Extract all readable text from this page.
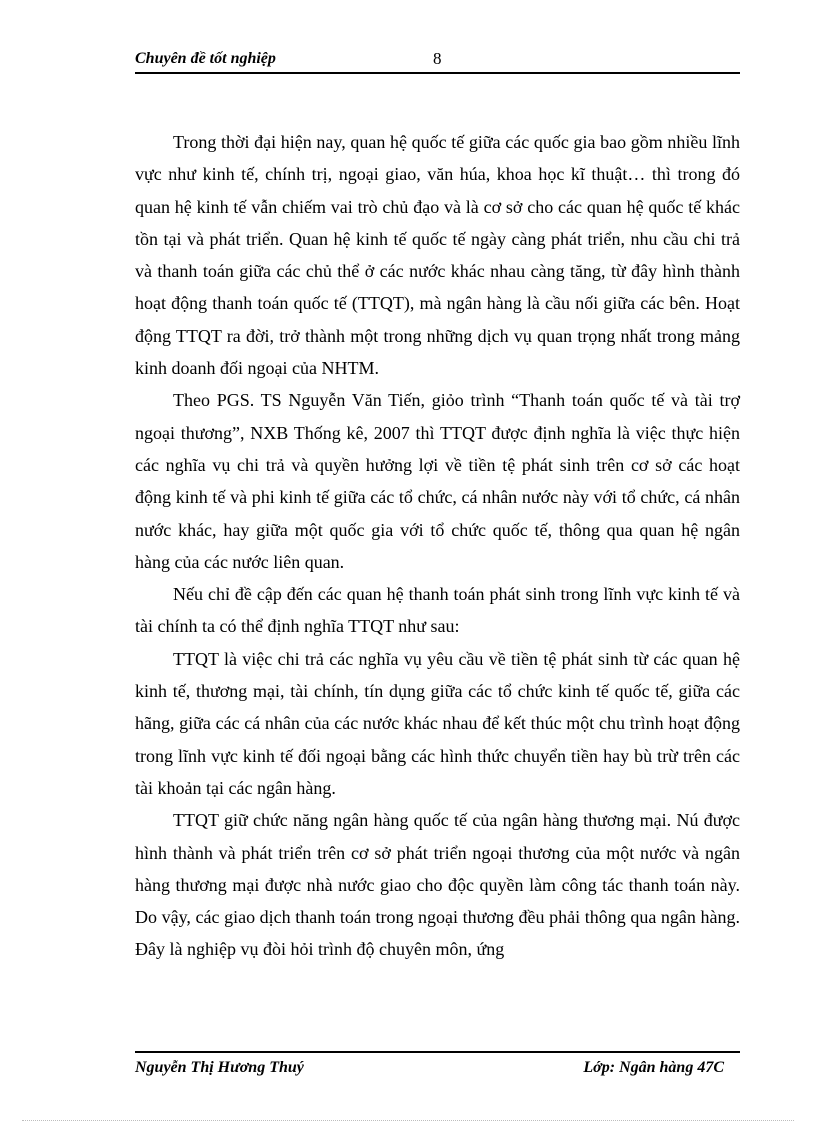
Chuyên đề tốt nghiệp	8

Trong thời đại hiện nay, quan hệ quốc tế giữa các quốc gia bao gồm nhiều lĩnh vực như kinh tế, chính trị, ngoại giao, văn húa, khoa học kĩ thuật… thì trong đó quan hệ kinh tế vẫn chiếm vai trò chủ đạo và là cơ sở cho các quan hệ quốc tế khác tồn tại và phát triển. Quan hệ kinh tế quốc tế ngày càng phát triển, nhu cầu chi trả và thanh toán giữa các chủ thể ở các nước khác nhau càng tăng, từ đây hình thành hoạt động thanh toán quốc tế (TTQT), mà ngân hàng là cầu nối giữa các bên. Hoạt động TTQT ra đời, trở thành một trong những dịch vụ quan trọng nhất trong mảng kinh doanh đối ngoại của NHTM.

Theo PGS. TS Nguyễn Văn Tiến, giỏo trình “Thanh toán quốc tế và tài trợ ngoại thương”, NXB Thống kê, 2007 thì TTQT được định nghĩa là việc thực hiện các nghĩa vụ chi trả và quyền hưởng lợi về tiền tệ phát sinh trên cơ sở các hoạt động kinh tế và phi kinh tế giữa các tổ chức, cá nhân nước này với tổ chức, cá nhân nước khác, hay giữa một quốc gia với tổ chức quốc tế, thông qua quan hệ ngân hàng của các nước liên quan.

Nếu chỉ đề cập đến các quan hệ thanh toán phát sinh trong lĩnh vực kinh tế và tài chính ta có thể định nghĩa TTQT như sau:

TTQT là việc chi trả các nghĩa vụ yêu cầu về tiền tệ phát sinh từ các quan hệ kinh tế, thương mại, tài chính, tín dụng giữa các tổ chức kinh tế quốc tế, giữa các hãng, giữa các cá nhân của các nước khác nhau để kết thúc một chu trình hoạt động trong lĩnh vực kinh tế đối ngoại bằng các hình thức chuyển tiền hay bù trừ trên các tài khoản tại các ngân hàng.

TTQT giữ chức năng ngân hàng quốc tế của ngân hàng thương mại. Nú được hình thành và phát triển trên cơ sở phát triển ngoại thương của một nước và ngân hàng thương mại được nhà nước giao cho độc quyền làm công tác thanh toán này. Do vậy, các giao dịch thanh toán trong ngoại thương đều phải thông qua ngân hàng. Đây là nghiệp vụ đòi hỏi trình độ chuyên môn, ứng

Nguyễn Thị Hương Thuý	Lớp: Ngân hàng 47C
